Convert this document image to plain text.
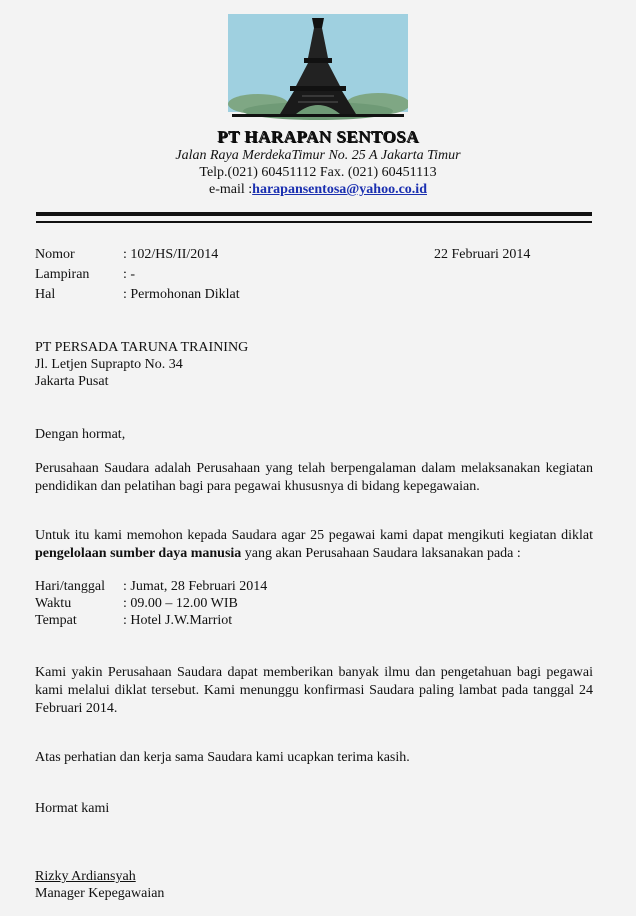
PT HARAPAN SENTOSA
Jalan Raya MerdekaTimur No. 25 A Jakarta Timur
Telp.(021) 60451112 Fax. (021) 60451113
e-mail :harapansentosa@yahoo.co.id
Nomor	: 102/HS/II/2014	22 Februari 2014
Lampiran : -
Hal	: Permohonan Diklat
PT PERSADA TARUNA TRAINING
Jl. Letjen Suprapto No. 34
Jakarta Pusat
Dengan hormat,
Perusahaan Saudara adalah Perusahaan yang telah berpengalaman dalam melaksanakan kegiatan pendidikan dan pelatihan bagi para pegawai khususnya di bidang kepegawaian.
Untuk itu kami memohon kepada Saudara agar 25 pegawai kami dapat mengikuti kegiatan diklat pengelolaan sumber daya manusia yang akan Perusahaan Saudara laksanakan pada :
Hari/tanggal : Jumat, 28 Februari 2014
Waktu	: 09.00 – 12.00 WIB
Tempat	: Hotel J.W.Marriot
Kami yakin Perusahaan Saudara dapat memberikan banyak ilmu dan pengetahuan bagi pegawai kami melalui diklat tersebut. Kami menunggu konfirmasi Saudara paling lambat pada tanggal 24 Februari 2014.
Atas perhatian dan kerja sama Saudara kami ucapkan terima kasih.
Hormat kami
Rizky Ardiansyah
Manager Kepegawaian
